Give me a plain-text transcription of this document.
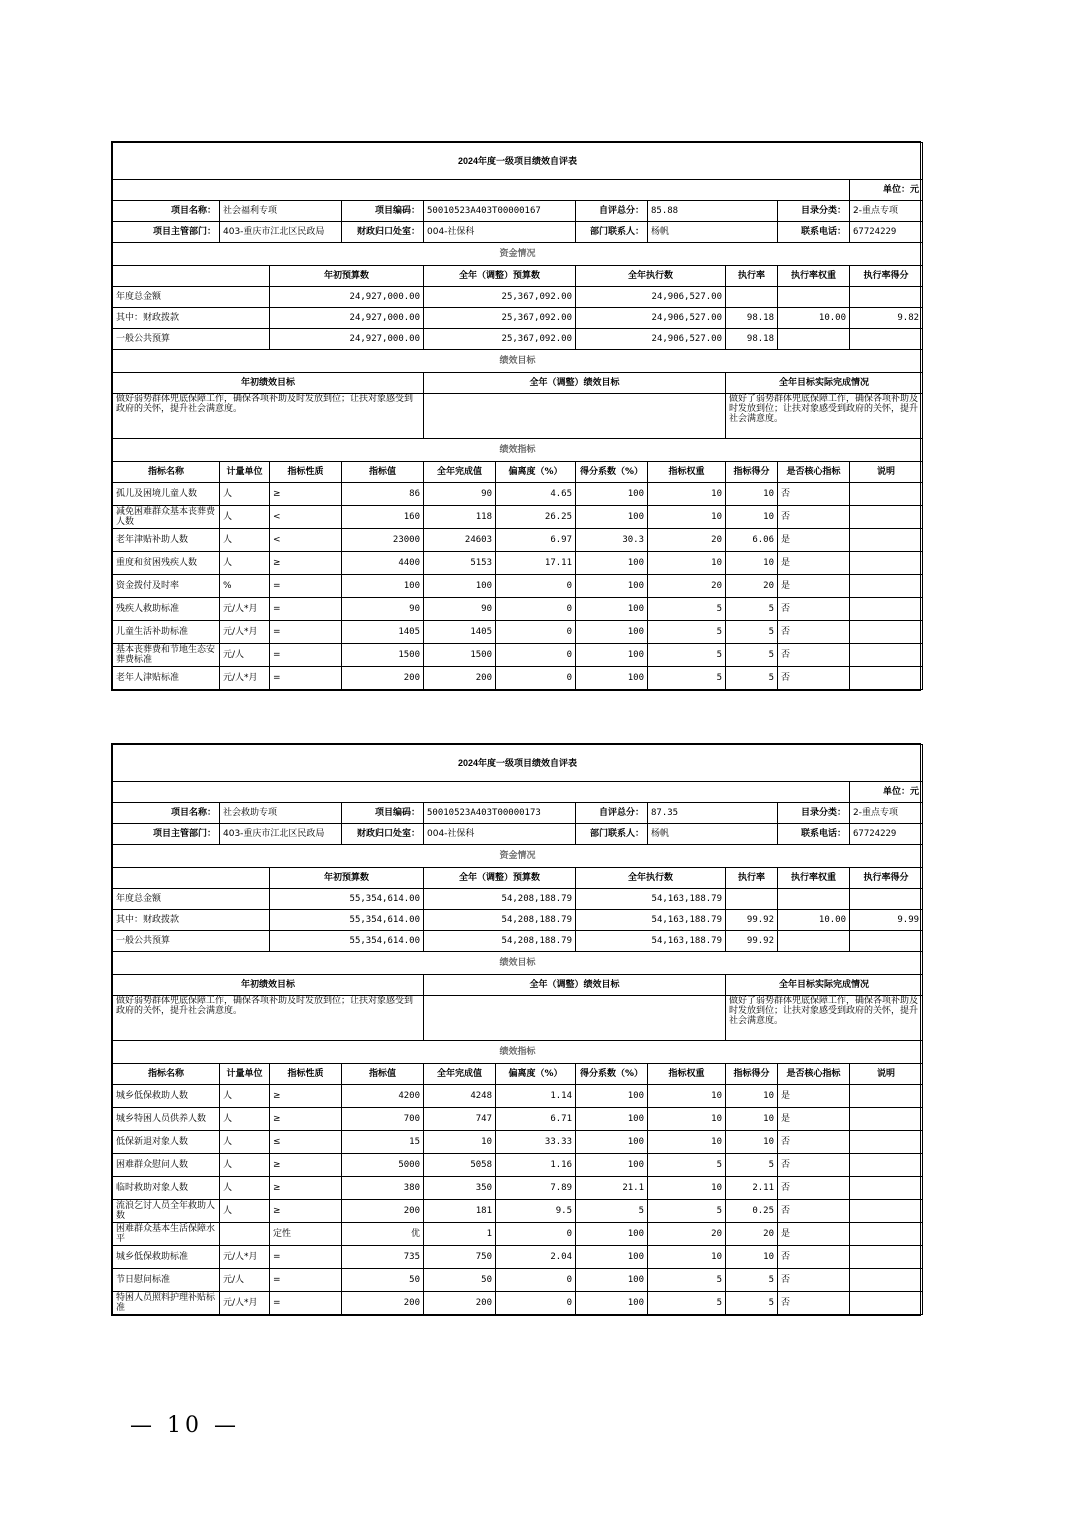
2024年度一级项目绩效自评表										
										单位：元
项目名称：	社会福利专项		项目编码：	50010523A403T00000167		自评总分：	85.88		目录分类：	2-重点专项
项目主管部门：	403-重庆市江北区民政局		财政归口处室：	004-社保科		部门联系人：	杨帆		联系电话：	67724229
资金情况										
		年初预算数		全年（调整）预算数		全年执行数		执行率	执行率权重	执行率得分
年度总金额		24,927,000.00		25,367,092.00		24,906,527.00				
其中：财政拨款		24,927,000.00		25,367,092.00		24,906,527.00		98.18	10.00	9.82
一般公共预算		24,927,000.00		25,367,092.00		24,906,527.00		98.18		
绩效目标										
年初绩效目标				全年（调整）绩效目标				全年目标实际完成情况		
做好弱势群体兜底保障工作，确保各项补助及时发放到位；让扶对象感受到政府的关怀，提升社会满意度。								做好了弱势群体兜底保障工作，确保各项补助及时发放到位；让扶对象感受到政府的关怀，提升社会满意度。		
绩效指标										
指标名称	计量单位	指标性质	指标值	全年完成值	偏离度（%）	得分系数（%）	指标权重	指标得分	是否核心指标	说明
孤儿及困境儿童人数	人	≥	86	90	4.65	100	10	10	否	
减免困难群众基本丧葬费人数	人	<	160	118	26.25	100	10	10	否	
老年津贴补助人数	人	<	23000	24603	6.97	30.3	20	6.06	是	
重度和贫困残疾人数	人	≥	4400	5153	17.11	100	10	10	是	
资金拨付及时率	%	=	100	100	0	100	20	20	是	
残疾人救助标准	元/人*月	=	90	90	0	100	5	5	否	
儿童生活补助标准	元/人*月	=	1405	1405	0	100	5	5	否	
基本丧葬费和节地生态安葬费标准	元/人	=	1500	1500	0	100	5	5	否	
老年人津贴标准	元/人*月	=	200	200	0	100	5	5	否	
2024年度一级项目绩效自评表										
										单位：元
项目名称：	社会救助专项		项目编码：	50010523A403T00000173		自评总分：	87.35		目录分类：	2-重点专项
项目主管部门：	403-重庆市江北区民政局		财政归口处室：	004-社保科		部门联系人：	杨帆		联系电话：	67724229
资金情况										
		年初预算数		全年（调整）预算数		全年执行数		执行率	执行率权重	执行率得分
年度总金额		55,354,614.00		54,208,188.79		54,163,188.79				
其中：财政拨款		55,354,614.00		54,208,188.79		54,163,188.79		99.92	10.00	9.99
一般公共预算		55,354,614.00		54,208,188.79		54,163,188.79		99.92		
绩效目标										
年初绩效目标				全年（调整）绩效目标				全年目标实际完成情况		
做好弱势群体兜底保障工作，确保各项补助及时发放到位；让扶对象感受到政府的关怀，提升社会满意度。								做好了弱势群体兜底保障工作，确保各项补助及时发放到位；让扶对象感受到政府的关怀，提升社会满意度。		
绩效指标										
指标名称	计量单位	指标性质	指标值	全年完成值	偏离度（%）	得分系数（%）	指标权重	指标得分	是否核心指标	说明
城乡低保救助人数	人	≥	4200	4248	1.14	100	10	10	是	
城乡特困人员供养人数	人	≥	700	747	6.71	100	10	10	是	
低保新退对象人数	人	≤	15	10	33.33	100	10	10	否	
困难群众慰问人数	人	≥	5000	5058	1.16	100	5	5	否	
临时救助对象人数	人	≥	380	350	7.89	21.1	10	2.11	否	
流浪乞讨人员全年救助人数	人	≥	200	181	9.5	5	5	0.25	否	
困难群众基本生活保障水平		定性	优	1	0	100	20	20	是	
城乡低保救助标准	元/人*月	=	735	750	2.04	100	10	10	否	
节日慰问标准	元/人	=	50	50	0	100	5	5	否	
特困人员照料护理补贴标准	元/人*月	=	200	200	0	100	5	5	否	
— 10 —
